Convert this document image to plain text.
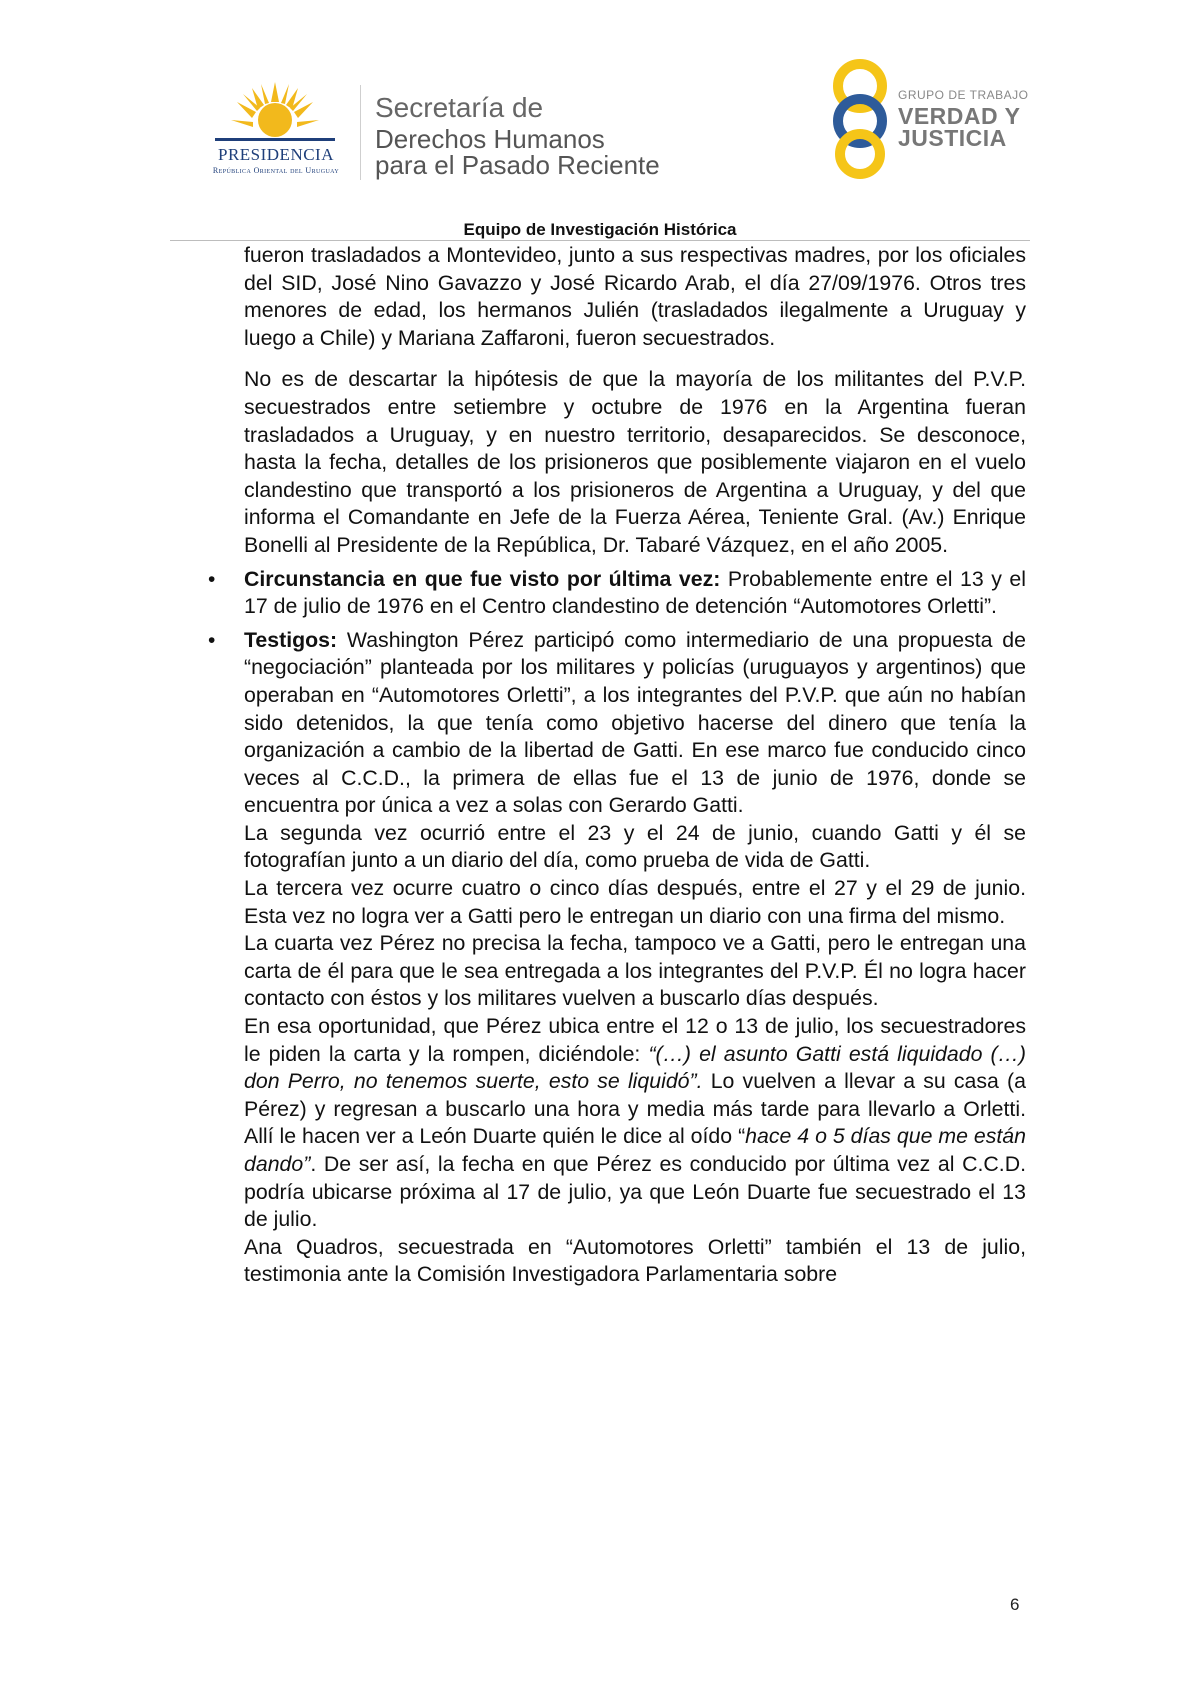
PRESIDENCIA
República Oriental del Uruguay
Secretaría de
Derechos Humanos
para el Pasado Reciente
GRUPO DE TRABAJO
VERDAD Y
JUSTICIA
Equipo de Investigación Histórica

fueron trasladados a Montevideo, junto a sus respectivas madres, por los oficiales del SID, José Nino Gavazzo y José Ricardo Arab, el día 27/09/1976. Otros tres menores de edad, los hermanos Julién (trasladados ilegalmente a Uruguay y luego a Chile) y Mariana Zaffaroni, fueron secuestrados.

No es de descartar la hipótesis de que la mayoría de los militantes del P.V.P. secuestrados entre setiembre y octubre de 1976 en la Argentina fueran trasladados a Uruguay, y en nuestro territorio, desaparecidos. Se desconoce, hasta la fecha, detalles de los prisioneros que posiblemente viajaron en el vuelo clandestino que transportó a los prisioneros de Argentina a Uruguay, y del que informa el Comandante en Jefe de la Fuerza Aérea, Teniente Gral. (Av.) Enrique Bonelli al Presidente de la República, Dr. Tabaré Vázquez, en el año 2005.

• Circunstancia en que fue visto por última vez: Probablemente entre el 13 y el 17 de julio de 1976 en el Centro clandestino de detención “Automotores Orletti”.

• Testigos: Washington Pérez participó como intermediario de una propuesta de “negociación” planteada por los militares y policías (uruguayos y argentinos) que operaban en “Automotores Orletti”, a los integrantes del P.V.P. que aún no habían sido detenidos, la que tenía como objetivo hacerse del dinero que tenía la organización a cambio de la libertad de Gatti. En ese marco fue conducido cinco veces al C.C.D., la primera de ellas fue el 13 de junio de 1976, donde se encuentra por única a vez a solas con Gerardo Gatti.

La segunda vez ocurrió entre el 23 y el 24 de junio, cuando Gatti y él se fotografían junto a un diario del día, como prueba de vida de Gatti.

La tercera vez ocurre cuatro o cinco días después, entre el 27 y el 29 de junio. Esta vez no logra ver a Gatti pero le entregan un diario con una firma del mismo.

La cuarta vez Pérez no precisa la fecha, tampoco ve a Gatti, pero le entregan una carta de él para que le sea entregada a los integrantes del P.V.P. Él no logra hacer contacto con éstos y los militares vuelven a buscarlo días después.

En esa oportunidad, que Pérez ubica entre el 12 o 13 de julio, los secuestradores le piden la carta y la rompen, diciéndole: “(…) el asunto Gatti está liquidado (…) don Perro, no tenemos suerte, esto se liquidó”. Lo vuelven a llevar a su casa (a Pérez) y regresan a buscarlo una hora y media más tarde para llevarlo a Orletti. Allí le hacen ver a León Duarte quién le dice al oído “hace 4 o 5 días que me están dando”. De ser así, la fecha en que Pérez es conducido por última vez al C.C.D. podría ubicarse próxima al 17 de julio, ya que León Duarte fue secuestrado el 13 de julio.

Ana Quadros, secuestrada en “Automotores Orletti” también el 13 de julio, testimonia ante la Comisión Investigadora Parlamentaria sobre

6
